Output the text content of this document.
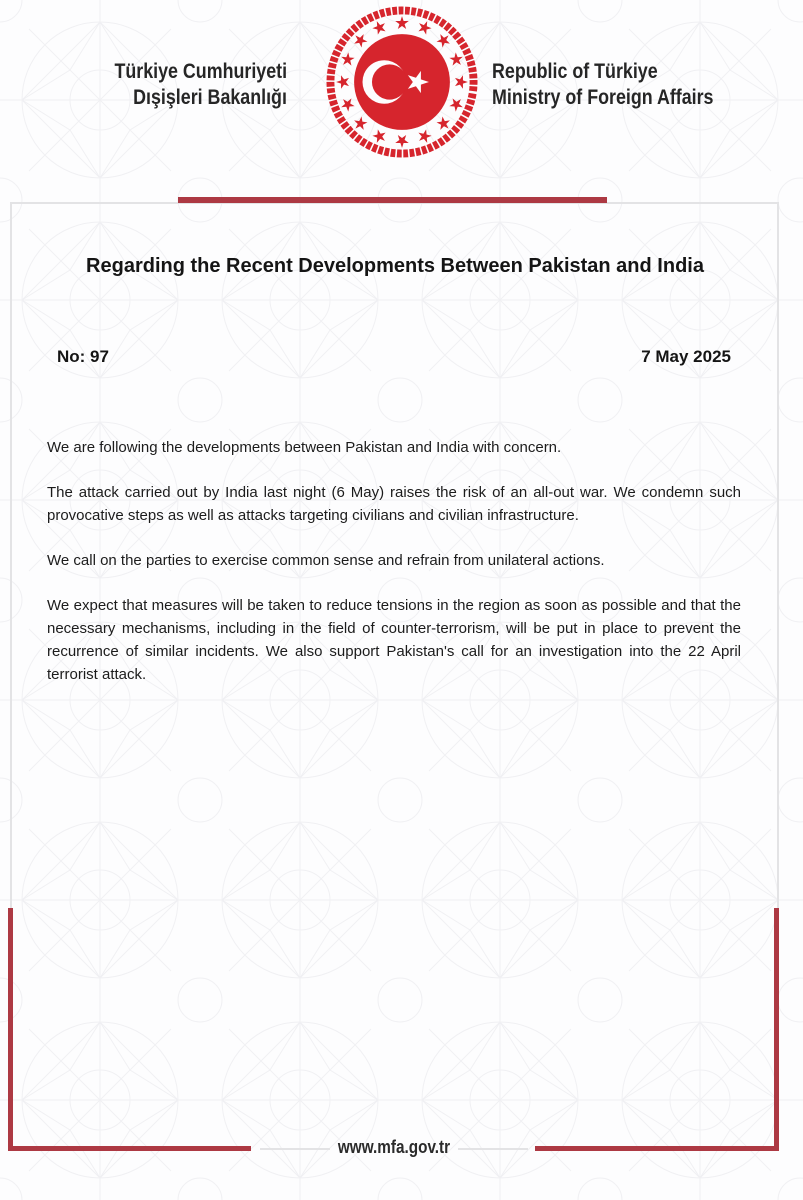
Türkiye Cumhuriyeti
Dışişleri Bakanlığı
Republic of Türkiye
Ministry of Foreign Affairs
Regarding the Recent Developments Between Pakistan and India
No: 97	7 May 2025

We are following the developments between Pakistan and India with concern.

The attack carried out by India last night (6 May) raises the risk of an all-out war. We condemn such provocative steps as well as attacks targeting civilians and civilian infrastructure.

We call on the parties to exercise common sense and refrain from unilateral actions.

We expect that measures will be taken to reduce tensions in the region as soon as possible and that the necessary mechanisms, including in the field of counter-terrorism, will be put in place to prevent the recurrence of similar incidents. We also support Pakistan's call for an investigation into the 22 April terrorist attack.

www.mfa.gov.tr
